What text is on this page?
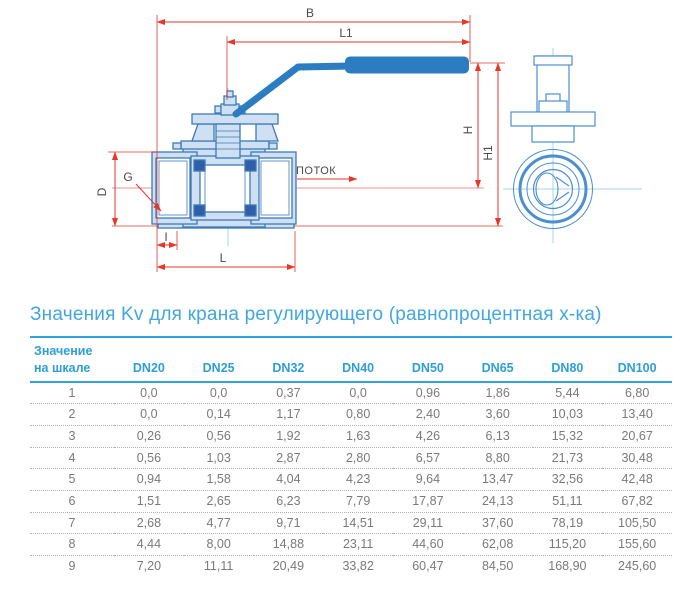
B
L1
H
H1
D
G
I
L
ПОТОК
Значения Kv для крана регулирующего (равнопроцентная х-ка)
Значение
на шкале	DN20	DN25	DN32	DN40	DN50	DN65	DN80	DN100
1	0,0	0,0	0,37	0,0	0,96	1,86	5,44	6,80
2	0,0	0,14	1,17	0,80	2,40	3,60	10,03	13,40
3	0,26	0,56	1,92	1,63	4,26	6,13	15,32	20,67
4	0,56	1,03	2,87	2,80	6,57	8,80	21,73	30,48
5	0,94	1,58	4,04	4,23	9,64	13,47	32,56	42,48
6	1,51	2,65	6,23	7,79	17,87	24,13	51,11	67,82
7	2,68	4,77	9,71	14,51	29,11	37,60	78,19	105,50
8	4,44	8,00	14,88	23,11	44,60	62,08	115,20	155,60
9	7,20	11,11	20,49	33,82	60,47	84,50	168,90	245,60
